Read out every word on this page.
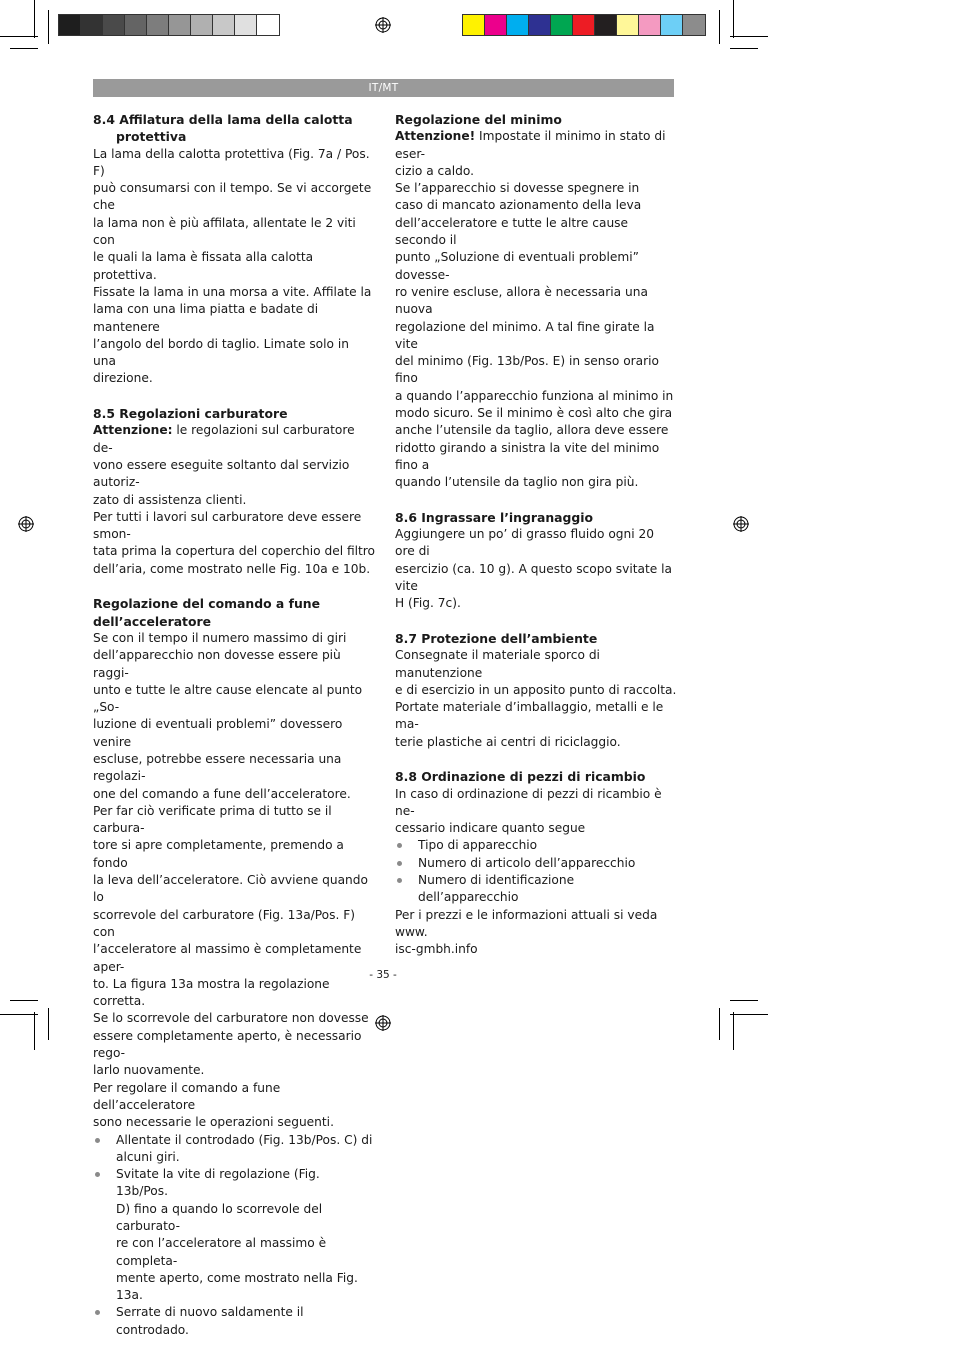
IT/MT
8.4 Affilatura della lama della calotta protettiva

La lama della calotta protettiva (Fig. 7a / Pos. F)

può consumarsi con il tempo. Se vi accorgete che

la lama non è più affilata, allentate le 2 viti con

le quali la lama è fissata alla calotta protettiva.

Fissate la lama in una morsa a vite. Affilate la

lama con una lima piatta e badate di mantenere

l’angolo del bordo di taglio. Limate solo in una

direzione.

8.5 Regolazioni carburatore

Attenzione: le regolazioni sul carburatore de-

vono essere eseguite soltanto dal servizio autoriz-

zato di assistenza clienti.

Per tutti i lavori sul carburatore deve essere smon-

tata prima la copertura del coperchio del filtro

dell’aria, come mostrato nelle Fig. 10a e 10b.

Regolazione del comando a fune
dell’acceleratore

Se con il tempo il numero massimo di giri

dell’apparecchio non dovesse essere più raggi-

unto e tutte le altre cause elencate al punto „So-

luzione di eventuali problemi” dovessero venire

escluse, potrebbe essere necessaria una regolazi-

one del comando a fune dell’acceleratore.

Per far ciò verificate prima di tutto se il carbura-

tore si apre completamente, premendo a fondo

la leva dell’acceleratore. Ciò avviene quando lo

scorrevole del carburatore (Fig. 13a/Pos. F) con

l’acceleratore al massimo è completamente aper-

to. La figura 13a mostra la regolazione corretta.

Se lo scorrevole del carburatore non dovesse

essere completamente aperto, è necessario rego-

larlo nuovamente.

Per regolare il comando a fune dell’acceleratore

sono necessarie le operazioni seguenti.

Allentate il controdado (Fig. 13b/Pos. C) di
alcuni giri.
Svitate la vite di regolazione (Fig. 13b/Pos.
D) fino a quando lo scorrevole del carburato-
re con l’acceleratore al massimo è completa-
mente aperto, come mostrato nella Fig. 13a.
Serrate di nuovo saldamente il controdado.
Regolazione del minimo

Attenzione! Impostate il minimo in stato di eser-

cizio a caldo.

Se l’apparecchio si dovesse spegnere in

caso di mancato azionamento della leva

dell’acceleratore e tutte le altre cause secondo il

punto „Soluzione di eventuali problemi” dovesse-

ro venire escluse, allora è necessaria una nuova

regolazione del minimo. A tal fine girate la vite

del minimo (Fig. 13b/Pos. E) in senso orario fino

a quando l’apparecchio funziona al minimo in

modo sicuro. Se il minimo è così alto che gira

anche l’utensile da taglio, allora deve essere

ridotto girando a sinistra la vite del minimo fino a

quando l’utensile da taglio non gira più.

8.6 Ingrassare l’ingranaggio

Aggiungere un po’ di grasso fluido ogni 20 ore di

esercizio (ca. 10 g). A questo scopo svitate la vite

H (Fig. 7c).

8.7 Protezione dell’ambiente

Consegnate il materiale sporco di manutenzione

e di esercizio in un apposito punto di raccolta.

Portate materiale d’imballaggio, metalli e le ma-

terie plastiche ai centri di riciclaggio.

8.8 Ordinazione di pezzi di ricambio

In caso di ordinazione di pezzi di ricambio è ne-

cessario indicare quanto segue

Tipo di apparecchio
Numero di articolo dell’apparecchio
Numero di identificazione dell’apparecchio

Per i prezzi e le informazioni attuali si veda www.

isc-gmbh.info

- 35 -
